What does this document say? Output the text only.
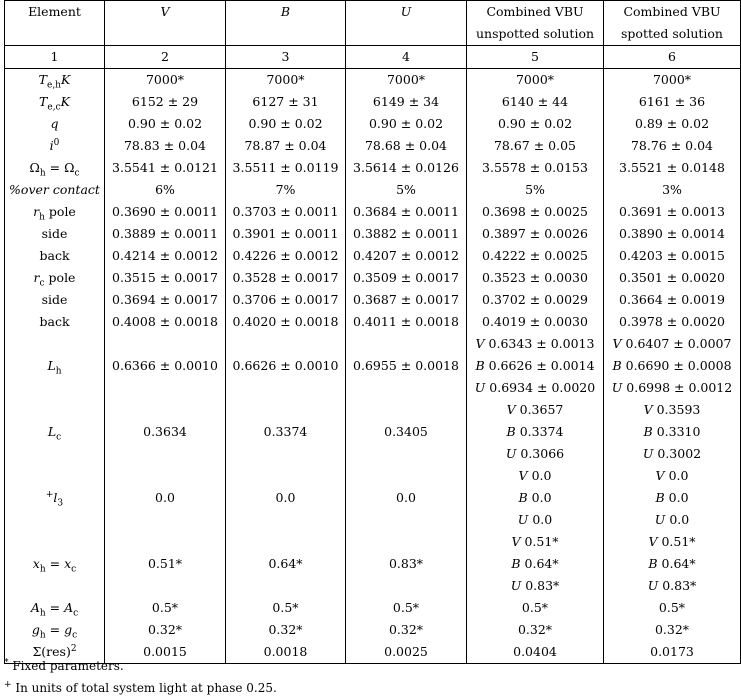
Element	V	B	U	Combined VBU	Combined VBU
				unspotted solution	spotted solution
1	2	3	4	5	6
$T_{e,h}K$	7000*	7000*	7000*	7000*	7000*
$T_{e,c}K$	6152 ± 29	6127 ± 31	6149 ± 34	6140 ± 44	6161 ± 36
q	0.90 ± 0.02	0.90 ± 0.02	0.90 ± 0.02	0.90 ± 0.02	0.89 ± 0.02
$i^0$	78.83 ± 0.04	78.87 ± 0.04	78.68 ± 0.04	78.67 ± 0.05	78.76 ± 0.04
$\Omega_h = \Omega_c$	3.5541 ± 0.0121	3.5511 ± 0.0119	3.5614 ± 0.0126	3.5578 ± 0.0153	3.5521 ± 0.0148
%over contact	6%	7%	5%	5%	3%
$r_h$ pole	0.3690 ± 0.0011	0.3703 ± 0.0011	0.3684 ± 0.0011	0.3698 ± 0.0025	0.3691 ± 0.0013
side	0.3889 ± 0.0011	0.3901 ± 0.0011	0.3882 ± 0.0011	0.3897 ± 0.0026	0.3890 ± 0.0014
back	0.4214 ± 0.0012	0.4226 ± 0.0012	0.4207 ± 0.0012	0.4222 ± 0.0025	0.4203 ± 0.0015
$r_c$ pole	0.3515 ± 0.0017	0.3528 ± 0.0017	0.3509 ± 0.0017	0.3523 ± 0.0030	0.3501 ± 0.0020
side	0.3694 ± 0.0017	0.3706 ± 0.0017	0.3687 ± 0.0017	0.3702 ± 0.0029	0.3664 ± 0.0019
back	0.4008 ± 0.0018	0.4020 ± 0.0018	0.4011 ± 0.0018	0.4019 ± 0.0030	0.3978 ± 0.0020
				V 0.6343 ± 0.0013	V 0.6407 ± 0.0007
$L_h$	0.6366 ± 0.0010	0.6626 ± 0.0010	0.6955 ± 0.0018	B 0.6626 ± 0.0014	B 0.6690 ± 0.0008
				U 0.6934 ± 0.0020	U 0.6998 ± 0.0012
				V 0.3657	V 0.3593
$L_c$	0.3634	0.3374	0.3405	B 0.3374	B 0.3310
				U 0.3066	U 0.3002
				V 0.0	V 0.0
$^+l_3$	0.0	0.0	0.0	B 0.0	B 0.0
				U 0.0	U 0.0
				V 0.51*	V 0.51*
$x_h = x_c$	0.51*	0.64*	0.83*	B 0.64*	B 0.64*
				U 0.83*	U 0.83*
$A_h = A_c$	0.5*	0.5*	0.5*	0.5*	0.5*
$g_h = g_c$	0.32*	0.32*	0.32*	0.32*	0.32*
Σ(res)$^2$	0.0015	0.0018	0.0025	0.0404	0.0173
* Fixed parameters.
+ In units of total system light at phase 0.25.
